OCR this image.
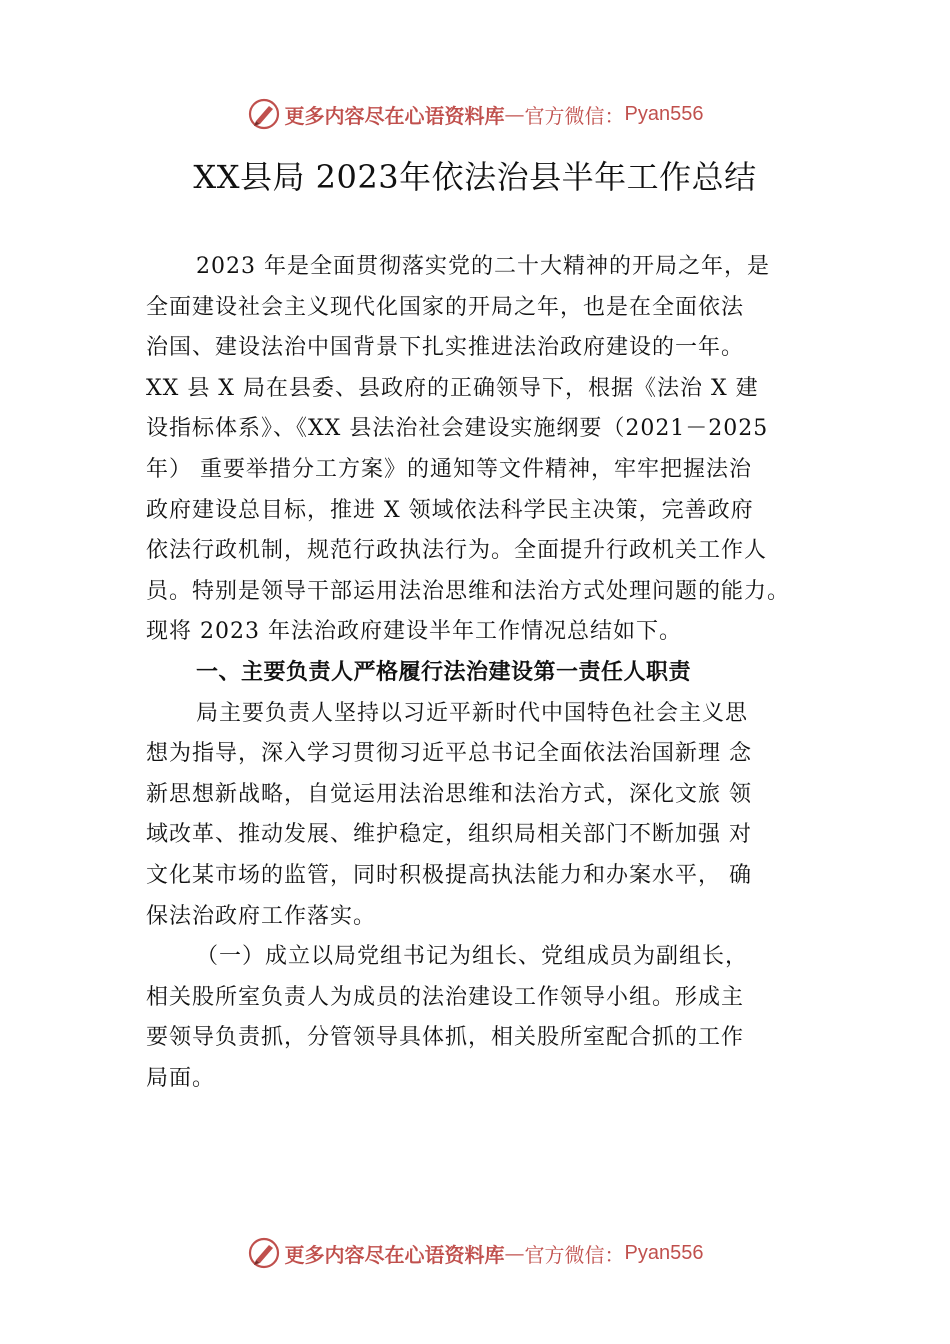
更多内容尽在心语资料库 — 官方微信： Pyan556
XX县局 2023年依法治县半年工作总结
2023 年是全面贯彻落实党的二十大精神的开局之年，是
全面建设社会主义现代化国家的开局之年，也是在全面依法
治国、建设法治中国背景下扎实推进法治政府建设的一年。
XX 县 X 局在县委、县政府的正确领导下，根据《法治 X 建
设指标体系》、《XX 县法治社会建设实施纲要（2021－2025
年） 重要举措分工方案》的通知等文件精神，牢牢把握法治
政府建设总目标，推进 X 领域依法科学民主决策，完善政府
依法行政机制，规范行政执法行为。全面提升行政机关工作人
员。特别是领导干部运用法治思维和法治方式处理问题的能力。
现将 2023 年法治政府建设半年工作情况总结如下。
一、主要负责人严格履行法治建设第一责任人职责
局主要负责人坚持以习近平新时代中国特色社会主义思
想为指导，深入学习贯彻习近平总书记全面依法治国新理 念
新思想新战略，自觉运用法治思维和法治方式，深化文旅 领
域改革、推动发展、维护稳定，组织局相关部门不断加强 对
文化某市场的监管，同时积极提高执法能力和办案水平， 确
保法治政府工作落实。
（一）成立以局党组书记为组长、党组成员为副组长，
相关股所室负责人为成员的法治建设工作领导小组。形成主
要领导负责抓，分管领导具体抓，相关股所室配合抓的工作
局面。
更多内容尽在心语资料库 — 官方微信： Pyan556
